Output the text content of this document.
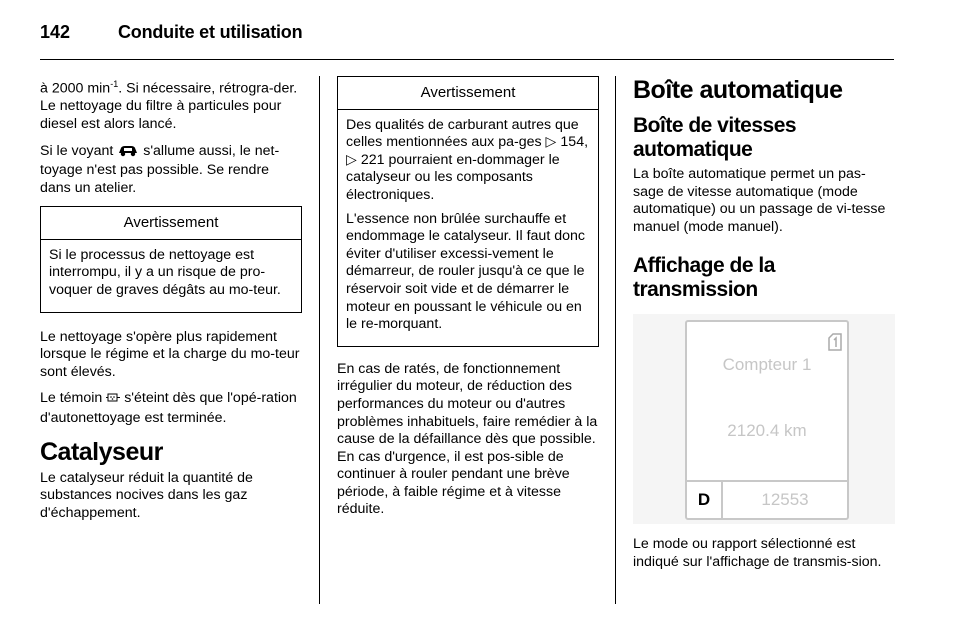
142	Conduite et utilisation

à 2000 $\min^{-1}$. Si nécessaire, rétrogra-der. Le nettoyage du filtre à particules pour diesel est alors lancé.

Si le voyant  s'allume aussi, le net-toyage n'est pas possible. Se rendre dans un atelier.

Avertissement

Si le processus de nettoyage est interrompu, il y a un risque de pro-voquer de graves dégâts au mo-teur.

Le nettoyage s'opère plus rapidement lorsque le régime et la charge du mo-teur sont élevés.

Le témoin  s'éteint dès que l'opé-ration d'autonettoyage est terminée.

Catalyseur

Le catalyseur réduit la quantité de substances nocives dans les gaz d'échappement.

Avertissement

Des qualités de carburant autres que celles mentionnées aux pa-ges ▷ 154, ▷ 221 pourraient en-dommager le catalyseur ou les composants électroniques.

L'essence non brûlée surchauffe et endommage le catalyseur. Il faut donc éviter d'utiliser excessi-vement le démarreur, de rouler jusqu'à ce que le réservoir soit vide et de démarrer le moteur en poussant le véhicule ou en le re-morquant.

En cas de ratés, de fonctionnement irrégulier du moteur, de réduction des performances du moteur ou d'autres problèmes inhabituels, faire remédier à la cause de la défaillance dès que possible. En cas d'urgence, il est pos-sible de continuer à rouler pendant une brève période, à faible régime et à vitesse réduite.

Boîte automatique
Boîte de vitesses automatique

La boîte automatique permet un pas-sage de vitesse automatique (mode automatique) ou un passage de vi-tesse manuel (mode manuel).

Affichage de la transmission
Compteur 1
2120.4 km
D	12553

Le mode ou rapport sélectionné est indiqué sur l'affichage de transmis-sion.
